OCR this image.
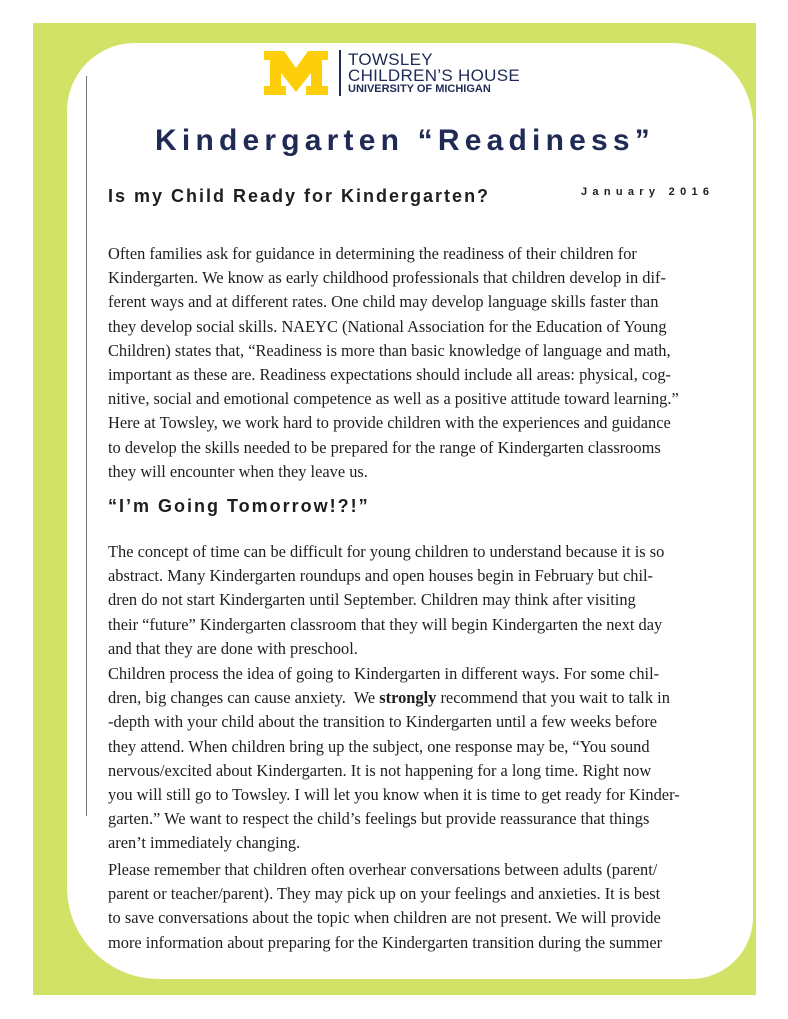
TOWSLEY
CHILDREN’S HOUSE
UNIVERSITY OF MICHIGAN
Kindergarten “Readiness”
Is my Child Ready for Kindergarten?	January 2016

Often families ask for guidance in determining the readiness of their children for
Kindergarten. We know as early childhood professionals that children develop in dif-
ferent ways and at different rates. One child may develop language skills faster than
they develop social skills. NAEYC (National Association for the Education of Young
Children) states that, “Readiness is more than basic knowledge of language and math,
important as these are. Readiness expectations should include all areas: physical, cog-
nitive, social and emotional competence as well as a positive attitude toward learning.”
Here at Towsley, we work hard to provide children with the experiences and guidance
to develop the skills needed to be prepared for the range of Kindergarten classrooms
they will encounter when they leave us.

“I’m Going Tomorrow!?!”

The concept of time can be difficult for young children to understand because it is so
abstract. Many Kindergarten roundups and open houses begin in February but chil-
dren do not start Kindergarten until September. Children may think after visiting
their “future” Kindergarten classroom that they will begin Kindergarten the next day
and that they are done with preschool.

Children process the idea of going to Kindergarten in different ways. For some chil-
dren, big changes can cause anxiety.  We strongly recommend that you wait to talk in
-depth with your child about the transition to Kindergarten until a few weeks before
they attend. When children bring up the subject, one response may be, “You sound
nervous/excited about Kindergarten. It is not happening for a long time. Right now
you will still go to Towsley. I will let you know when it is time to get ready for Kinder-
garten.” We want to respect the child’s feelings but provide reassurance that things
aren’t immediately changing.

Please remember that children often overhear conversations between adults (parent/
parent or teacher/parent). They may pick up on your feelings and anxieties. It is best
to save conversations about the topic when children are not present. We will provide
more information about preparing for the Kindergarten transition during the summer
